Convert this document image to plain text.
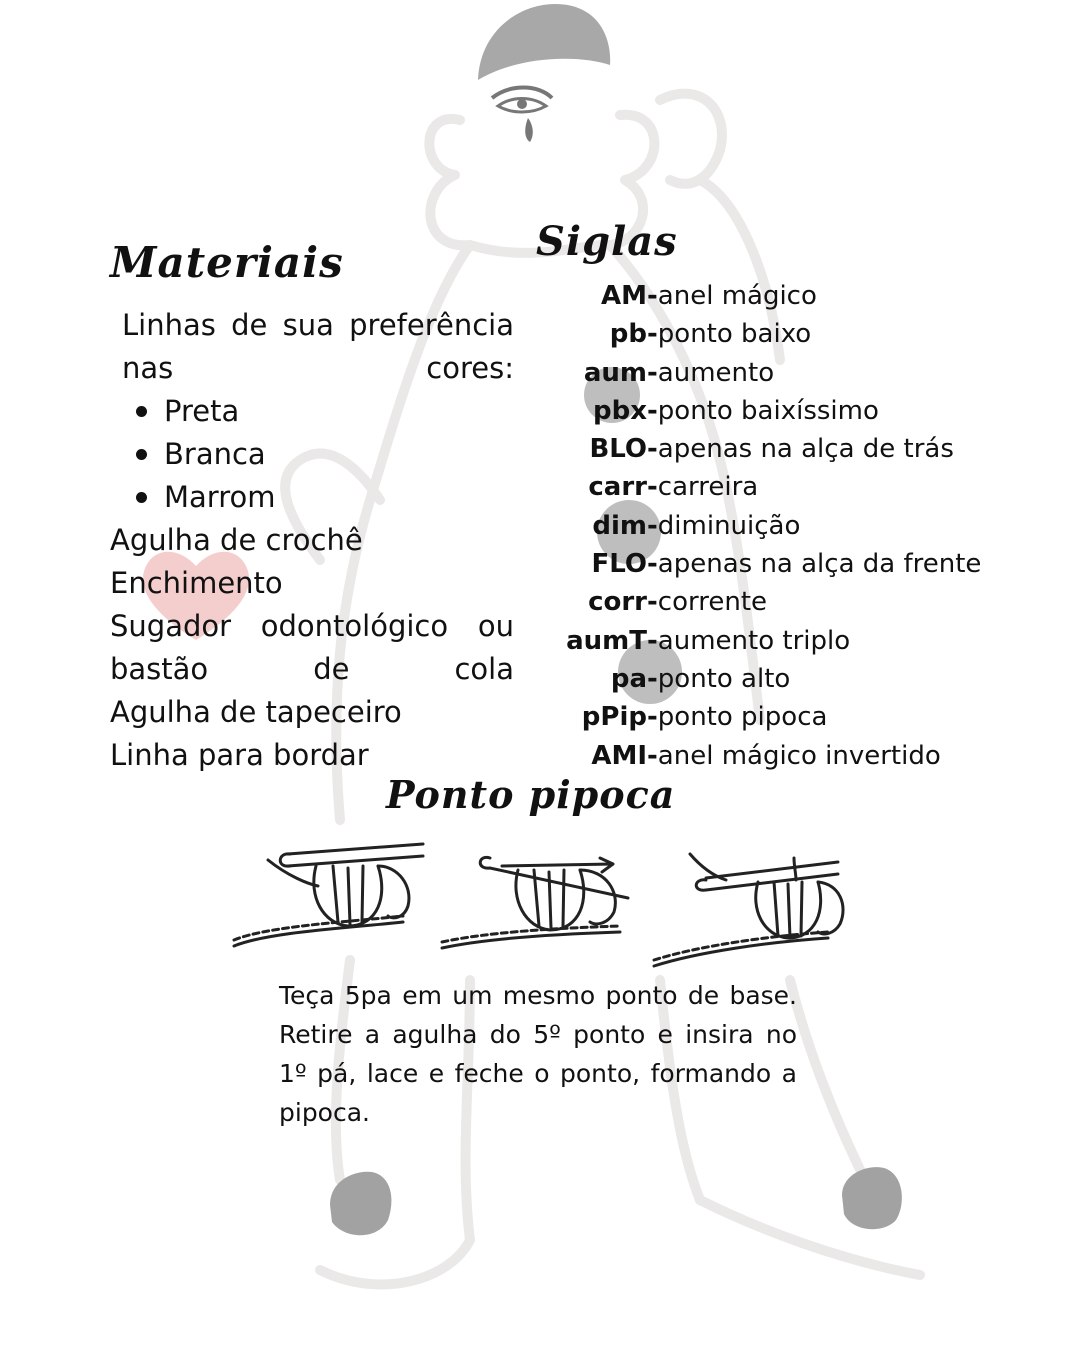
Materiais

Linhas de sua preferência nas cores:

Preta
Branca
Marrom

Agulha de crochê

Enchimento

Sugador odontológico ou bastão de cola

Agulha de tapeceiro

Linha para bordar

Siglas
AM - anel mágico
pb - ponto baixo
aum - aumento
pbx - ponto baixíssimo
BLO - apenas na alça de trás
carr - carreira
dim - diminuição
FLO - apenas na alça da frente
corr - corrente
aumT - aumento triplo
pa - ponto alto
pPip - ponto pipoca
AMI - anel mágico invertido
Ponto pipoca

Teça 5pa em um mesmo ponto de base. Retire a agulha do 5º ponto e insira no 1º pá, lace e feche o ponto, formando a pipoca.
